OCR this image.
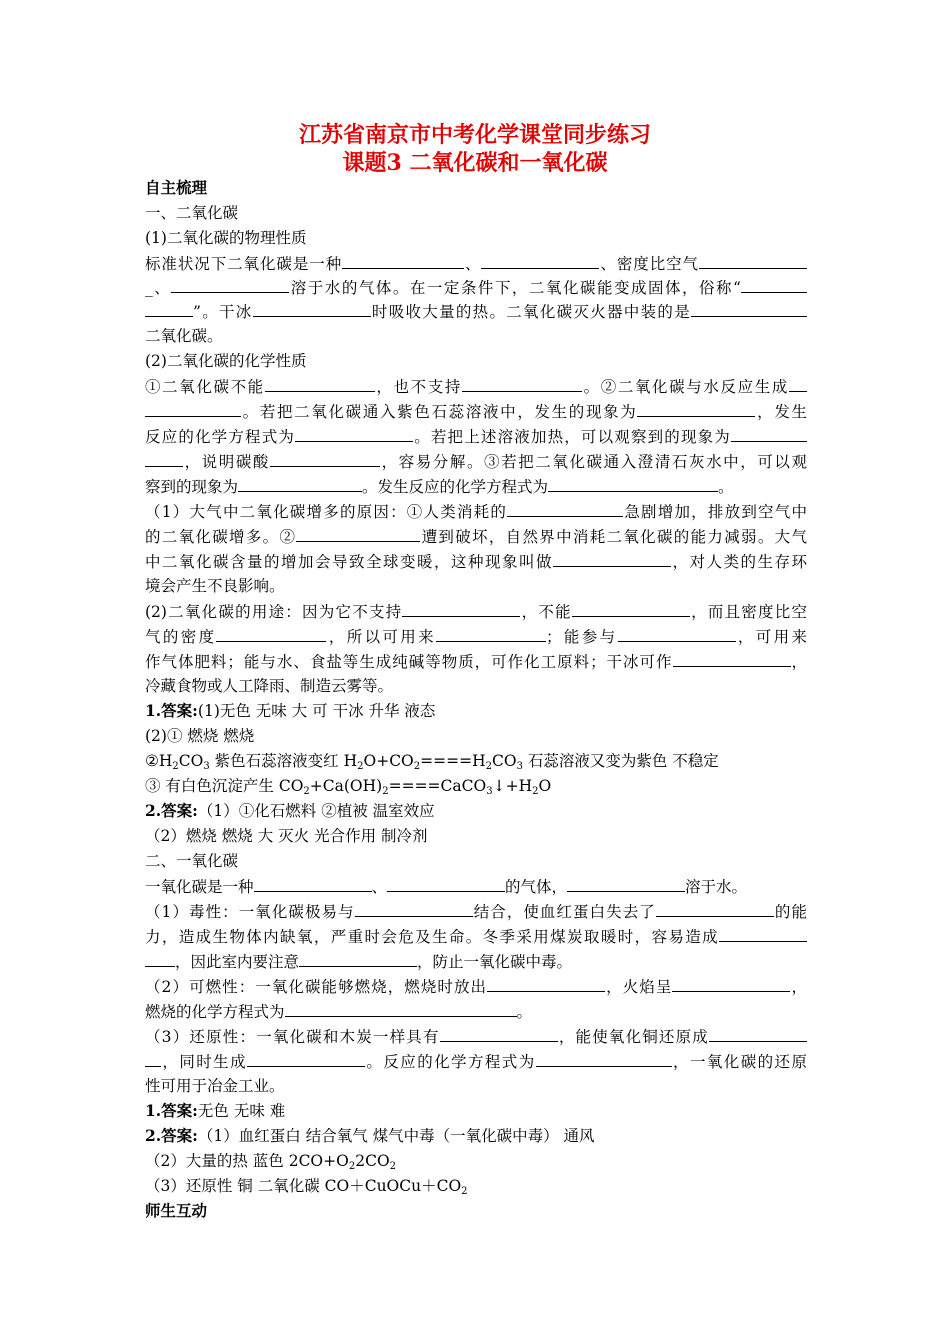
江苏省南京市中考化学课堂同步练习
课题3 二氧化碳和一氧化碳
自主梳理
一、二氧化碳
(1)二氧化碳的物理性质
标准状况下二氧化碳是一种	、	、密度比空气
_、	溶于水的气体。在一定条件下，二氧化碳能变成固体，俗称“
”。干冰	时吸收大量的热。二氧化碳灭火器中装的是
二氧化碳。
(2)二氧化碳的化学性质
①二氧化碳不能	，也不支持	。②二氧化碳与水反应生成
。若把二氧化碳通入紫色石蕊溶液中，发生的现象为	，发生
反应的化学方程式为	。若把上述溶液加热，可以观察到的现象为
，说明碳酸	，容易分解。③若把二氧化碳通入澄清石灰水中，可以观
察到的现象为	。发生反应的化学方程式为	。
（1）大气中二氧化碳增多的原因：①人类消耗的	急剧增加，排放到空气中
的二氧化碳增多。②	遭到破坏，自然界中消耗二氧化碳的能力减弱。大气
中二氧化碳含量的增加会导致全球变暖，这种现象叫做	，对人类的生存环
境会产生不良影响。
(2)二氧化碳的用途：因为它不支持	，不能	，而且密度比空
气的密度	，所以可用来	；能参与	，可用来
作气体肥料；能与水、食盐等生成纯碱等物质，可作化工原料；干冰可作	，
冷藏食物或人工降雨、制造云雾等。
1.答案:(1)无色 无味 大 可 干冰 升华 液态
(2)① 燃烧 燃烧
$②H_2CO_3$ 紫色石蕊溶液变红 $H_2O+CO_2====H_2CO_3$ 石蕊溶液又变为紫色 不稳定
③ 有白色沉淀产生 $CO_2+Ca(OH)_2====CaCO_3↓+H_2O$
2.答案:（1）①化石燃料 ②植被 温室效应
（2）燃烧 燃烧 大 灭火 光合作用 制冷剂
二、一氧化碳
一氧化碳是一种	、	的气体，	溶于水。
（1）毒性：一氧化碳极易与	结合，使血红蛋白失去了	的能
力，造成生物体内缺氧，严重时会危及生命。冬季采用煤炭取暖时，容易造成
，因此室内要注意	，防止一氧化碳中毒。
（2）可燃性：一氧化碳能够燃烧，燃烧时放出	，火焰呈	，
燃烧的化学方程式为	。
（3）还原性：一氧化碳和木炭一样具有	，能使氧化铜还原成
，同时生成	。反应的化学方程式为	，一氧化碳的还原
性可用于冶金工业。
1.答案:无色 无味 难
2.答案:（1）血红蛋白 结合氧气 煤气中毒（一氧化碳中毒） 通风
（2）大量的热 蓝色 $2CO+O_22CO_2$
（3）还原性 铜 二氧化碳 $CO+CuOCu+CO_2$
师生互动
